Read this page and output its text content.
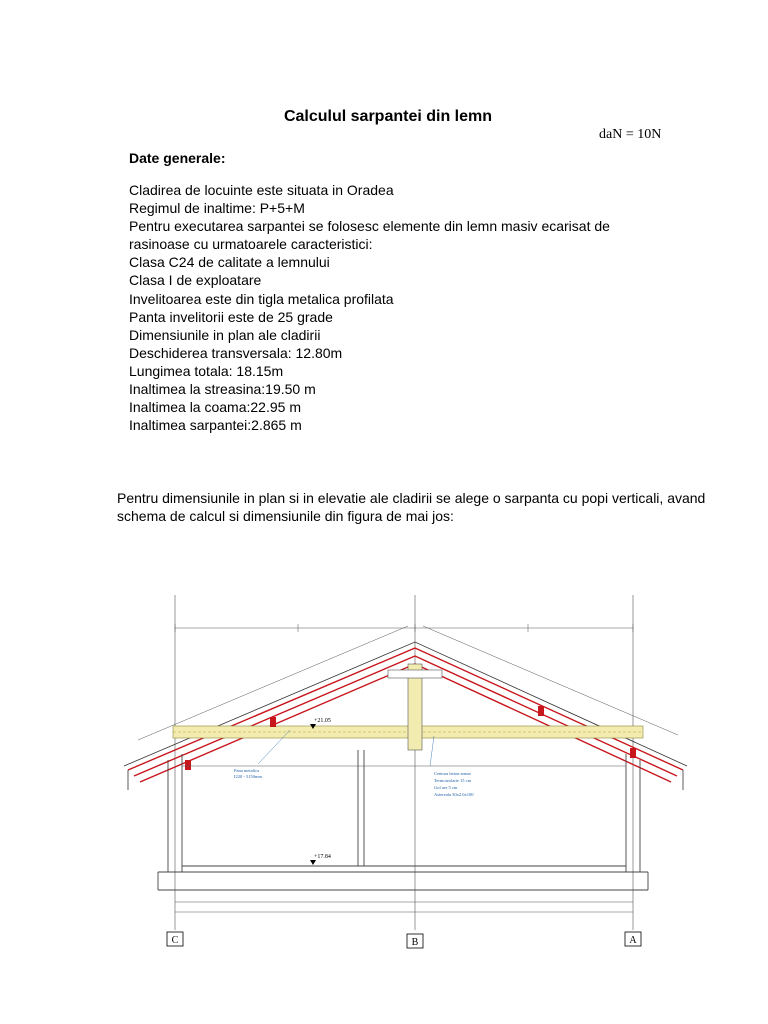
Calculul sarpantei din lemn
daN = 10N
Date generale:
Cladirea de locuinte este situata in Oradea
Regimul de inaltime: P+5+M
Pentru executarea sarpantei se folosesc elemente din lemn masiv ecarisat de
rasinoase cu urmatoarele caracteristici:
Clasa C24 de calitate a lemnului
Clasa I de exploatare
Invelitoarea este din tigla metalica profilata
Panta invelitorii este de 25 grade
Dimensiunile in plan ale cladirii
Deschiderea transversala: 12.80m
Lungimea totala: 18.15m
Inaltimea la streasina:19.50 m
Inaltimea la coama:22.95 m
Inaltimea sarpantei:2.865 m
Pentru dimensiunile in plan si in elevatie ale cladirii se alege o sarpanta cu popi verticali, avand schema de calcul si dimensiunile din figura de mai jos:
+21.05
+17.84
Pana metalica
I220 - 5150mm
Centura beton armat
Termoizolatie 15 cm
Gol aer 5 cm
Astereala 30x2.0x100
C	B	A
